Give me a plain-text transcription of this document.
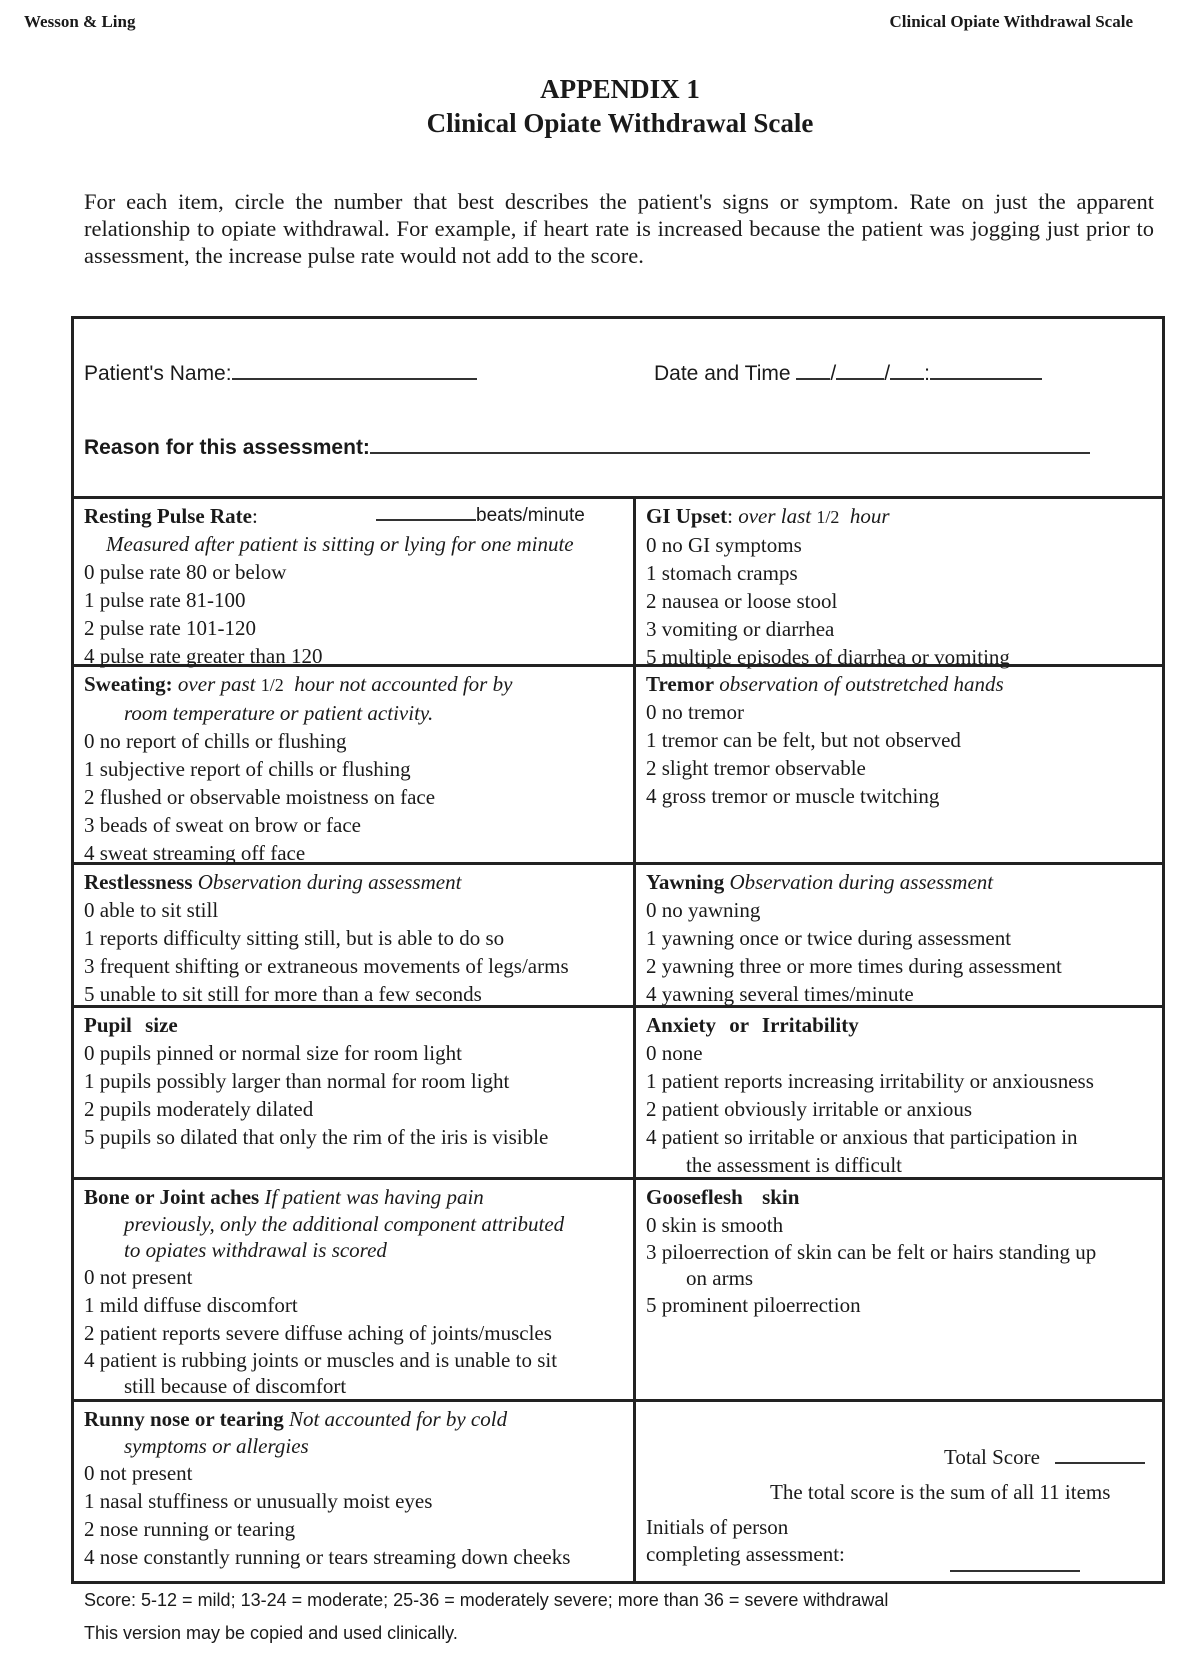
Wesson & Ling	Clinical Opiate Withdrawal Scale
APPENDIX 1
Clinical Opiate Withdrawal Scale
For each item, circle the number that best describes the patient's signs or symptom. Rate on just the apparent relationship to opiate withdrawal. For example, if heart rate is increased because the patient was jogging just prior to assessment, the increase pulse rate would not add to the score.
Patient's Name:	Date and Time / / :
Reason for this assessment:
Resting Pulse Rate:	beats/minute
Measured after patient is sitting or lying for one minute
0 pulse rate 80 or below
1 pulse rate 81-100
2 pulse rate 101-120
4 pulse rate greater than 120
GI Upset: over last 1/2 hour
0 no GI symptoms
1 stomach cramps
2 nausea or loose stool
3 vomiting or diarrhea
5 multiple episodes of diarrhea or vomiting
Sweating: over past 1/2 hour not accounted for by
room temperature or patient activity.
0 no report of chills or flushing
1 subjective report of chills or flushing
2 flushed or observable moistness on face
3 beads of sweat on brow or face
4 sweat streaming off face
Tremor observation of outstretched hands
0 no tremor
1 tremor can be felt, but not observed
2 slight tremor observable
4 gross tremor or muscle twitching
Restlessness Observation during assessment
0 able to sit still
1 reports difficulty sitting still, but is able to do so
3 frequent shifting or extraneous movements of legs/arms
5 unable to sit still for more than a few seconds
Yawning Observation during assessment
0 no yawning
1 yawning once or twice during assessment
2 yawning three or more times during assessment
4 yawning several times/minute
Pupil size
0 pupils pinned or normal size for room light
1 pupils possibly larger than normal for room light
2 pupils moderately dilated
5 pupils so dilated that only the rim of the iris is visible
Anxiety or Irritability
0 none
1 patient reports increasing irritability or anxiousness
2 patient obviously irritable or anxious
4 patient so irritable or anxious that participation in
the assessment is difficult
Bone or Joint aches If patient was having pain
previously, only the additional component attributed
to opiates withdrawal is scored
0 not present
1 mild diffuse discomfort
2 patient reports severe diffuse aching of joints/muscles
4 patient is rubbing joints or muscles and is unable to sit
still because of discomfort
Gooseflesh skin
0 skin is smooth
3 piloerrection of skin can be felt or hairs standing up
on arms
5 prominent piloerrection
Runny nose or tearing Not accounted for by cold
symptoms or allergies
0 not present
1 nasal stuffiness or unusually moist eyes
2 nose running or tearing
4 nose constantly running or tears streaming down cheeks
Total Score
The total score is the sum of all 11 items
Initials of person
completing assessment:
Score: 5-12 = mild; 13-24 = moderate; 25-36 = moderately severe; more than 36 = severe withdrawal
This version may be copied and used clinically.
